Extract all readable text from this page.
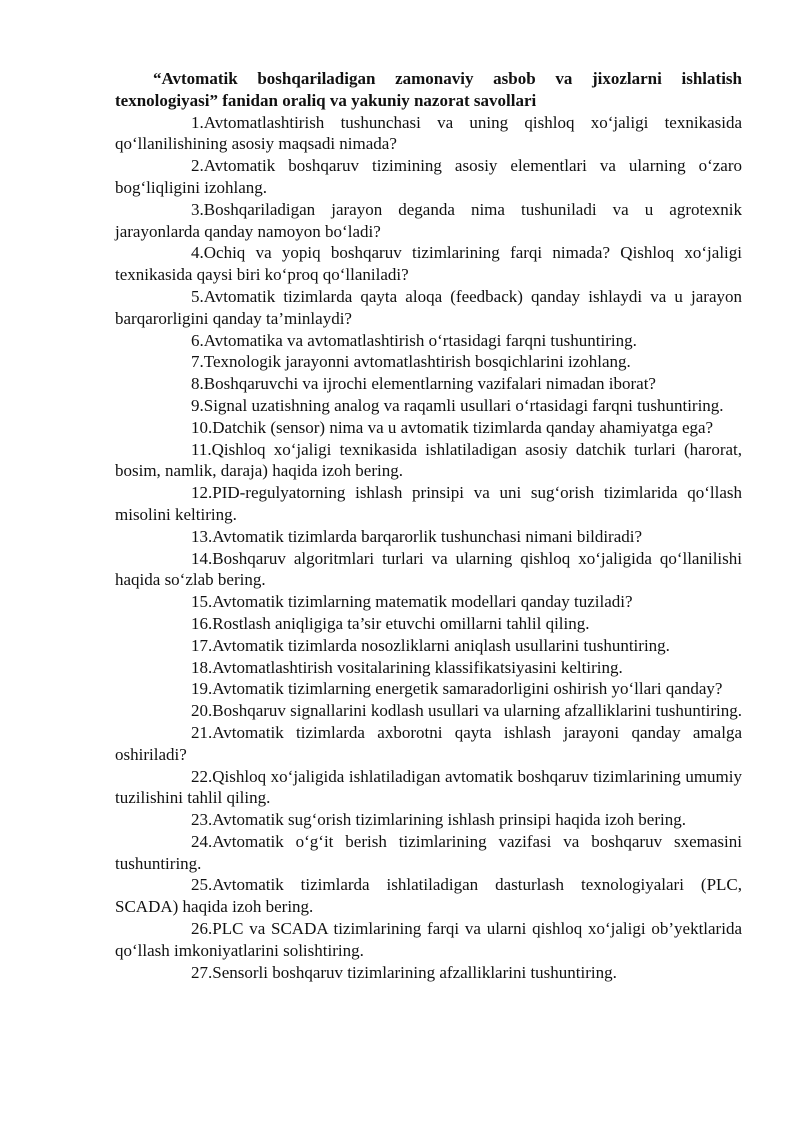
“Avtomatik boshqariladigan zamonaviy asbob va jixozlarni ishlatish texnologiyasi” fanidan oraliq va yakuniy nazorat savollari

1.Avtomatlashtirish tushunchasi va uning qishloq xo‘jaligi texnikasida qo‘llanilishining asosiy maqsadi nimada?
2.Avtomatik boshqaruv tizimining asosiy elementlari va ularning o‘zaro bog‘liqligini izohlang.
3.Boshqariladigan jarayon deganda nima tushuniladi va u agrotexnik jarayonlarda qanday namoyon bo‘ladi?
4.Ochiq va yopiq boshqaruv tizimlarining farqi nimada? Qishloq xo‘jaligi texnikasida qaysi biri ko‘proq qo‘llaniladi?
5.Avtomatik tizimlarda qayta aloqa (feedback) qanday ishlaydi va u jarayon barqarorligini qanday ta’minlaydi?
6.Avtomatika va avtomatlashtirish o‘rtasidagi farqni tushuntiring.
7.Texnologik jarayonni avtomatlashtirish bosqichlarini izohlang.
8.Boshqaruvchi va ijrochi elementlarning vazifalari nimadan iborat?
9.Signal uzatishning analog va raqamli usullari o‘rtasidagi farqni tushuntiring.
10.Datchik (sensor) nima va u avtomatik tizimlarda qanday ahamiyatga ega?
11.Qishloq xo‘jaligi texnikasida ishlatiladigan asosiy datchik turlari (harorat, bosim, namlik, daraja) haqida izoh bering.
12.PID-regulyatorning ishlash prinsipi va uni sug‘orish tizimlarida qo‘llash misolini keltiring.
13.Avtomatik tizimlarda barqarorlik tushunchasi nimani bildiradi?
14.Boshqaruv algoritmlari turlari va ularning qishloq xo‘jaligida qo‘llanilishi haqida so‘zlab bering.
15.Avtomatik tizimlarning matematik modellari qanday tuziladi?
16.Rostlash aniqligiga ta’sir etuvchi omillarni tahlil qiling.
17.Avtomatik tizimlarda nosozliklarni aniqlash usullarini tushuntiring.
18.Avtomatlashtirish vositalarining klassifikatsiyasini keltiring.
19.Avtomatik tizimlarning energetik samaradorligini oshirish yo‘llari qanday?
20.Boshqaruv signallarini kodlash usullari va ularning afzalliklarini tushuntiring.
21.Avtomatik tizimlarda axborotni qayta ishlash jarayoni qanday amalga oshiriladi?
22.Qishloq xo‘jaligida ishlatiladigan avtomatik boshqaruv tizimlarining umumiy tuzilishini tahlil qiling.
23.Avtomatik sug‘orish tizimlarining ishlash prinsipi haqida izoh bering.
24.Avtomatik o‘g‘it berish tizimlarining vazifasi va boshqaruv sxemasini tushuntiring.
25.Avtomatik tizimlarda ishlatiladigan dasturlash texnologiyalari (PLC, SCADA) haqida izoh bering.
26.PLC va SCADA tizimlarining farqi va ularni qishloq xo‘jaligi ob’yektlarida qo‘llash imkoniyatlarini solishtiring.
27.Sensorli boshqaruv tizimlarining afzalliklarini tushuntiring.
